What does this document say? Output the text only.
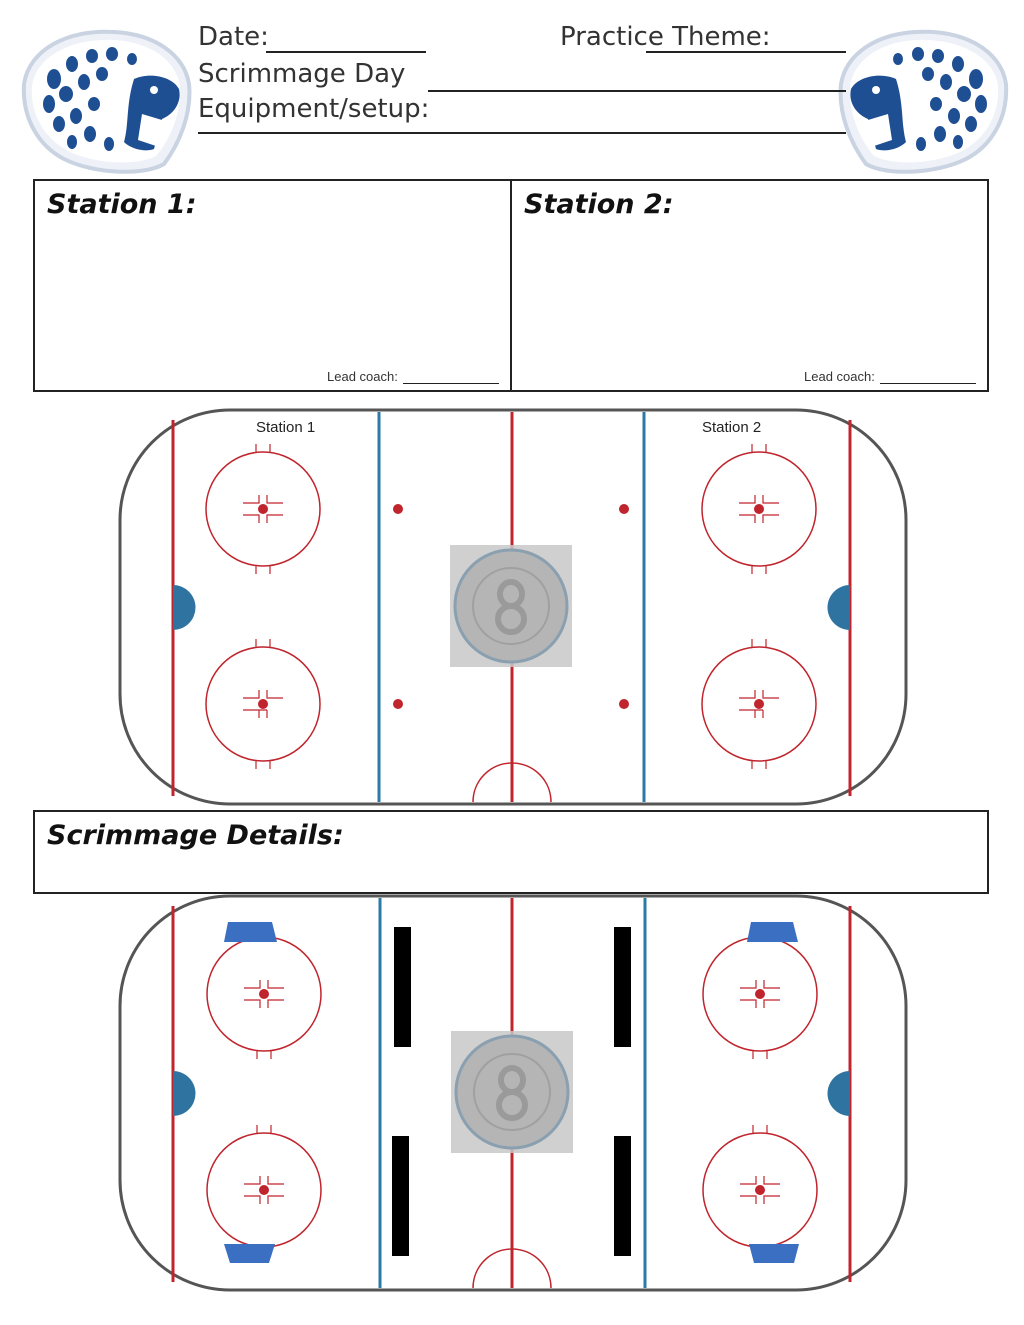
Date:	Practice Theme:
Scrimmage Day
Equipment/setup:
Station 1:
Lead coach:
Station 2:
Lead coach:
Station 1	Station 2
Scrimmage Details:
